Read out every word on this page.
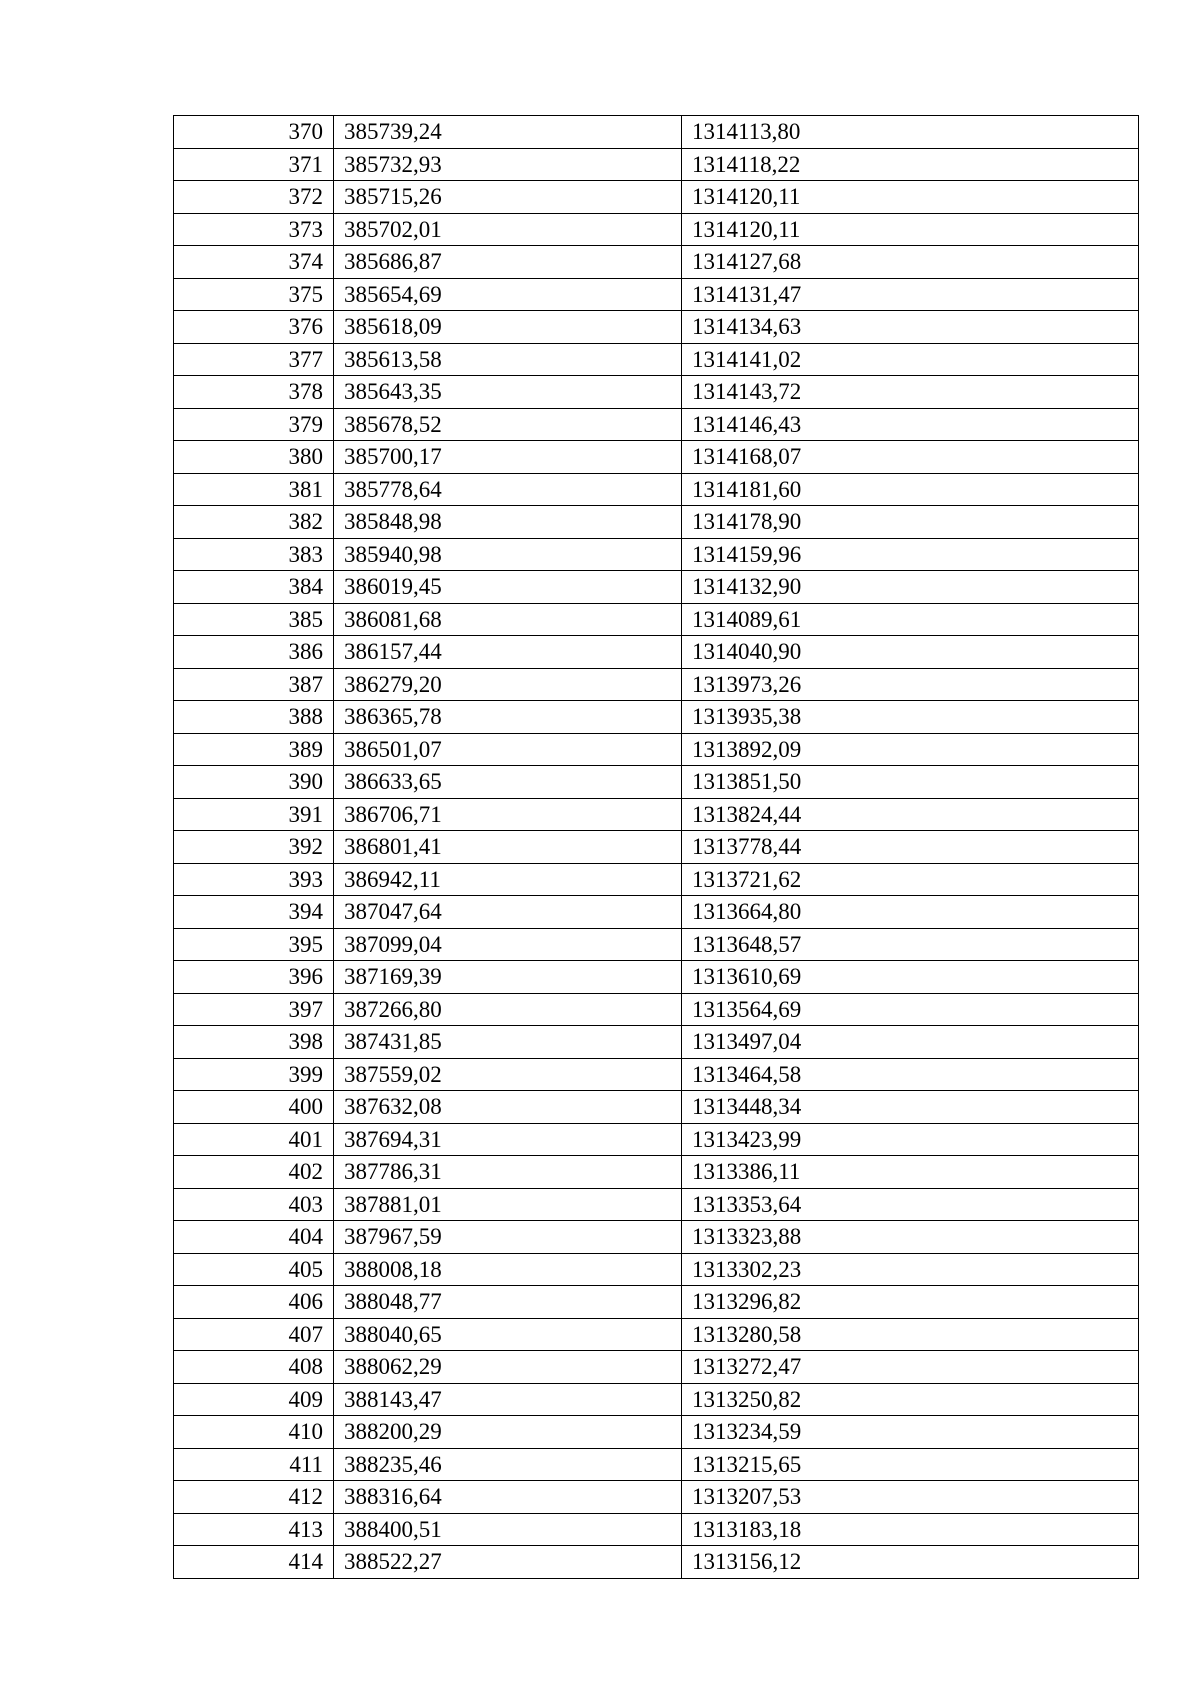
370	385739,24	1314113,80
371	385732,93	1314118,22
372	385715,26	1314120,11
373	385702,01	1314120,11
374	385686,87	1314127,68
375	385654,69	1314131,47
376	385618,09	1314134,63
377	385613,58	1314141,02
378	385643,35	1314143,72
379	385678,52	1314146,43
380	385700,17	1314168,07
381	385778,64	1314181,60
382	385848,98	1314178,90
383	385940,98	1314159,96
384	386019,45	1314132,90
385	386081,68	1314089,61
386	386157,44	1314040,90
387	386279,20	1313973,26
388	386365,78	1313935,38
389	386501,07	1313892,09
390	386633,65	1313851,50
391	386706,71	1313824,44
392	386801,41	1313778,44
393	386942,11	1313721,62
394	387047,64	1313664,80
395	387099,04	1313648,57
396	387169,39	1313610,69
397	387266,80	1313564,69
398	387431,85	1313497,04
399	387559,02	1313464,58
400	387632,08	1313448,34
401	387694,31	1313423,99
402	387786,31	1313386,11
403	387881,01	1313353,64
404	387967,59	1313323,88
405	388008,18	1313302,23
406	388048,77	1313296,82
407	388040,65	1313280,58
408	388062,29	1313272,47
409	388143,47	1313250,82
410	388200,29	1313234,59
411	388235,46	1313215,65
412	388316,64	1313207,53
413	388400,51	1313183,18
414	388522,27	1313156,12
